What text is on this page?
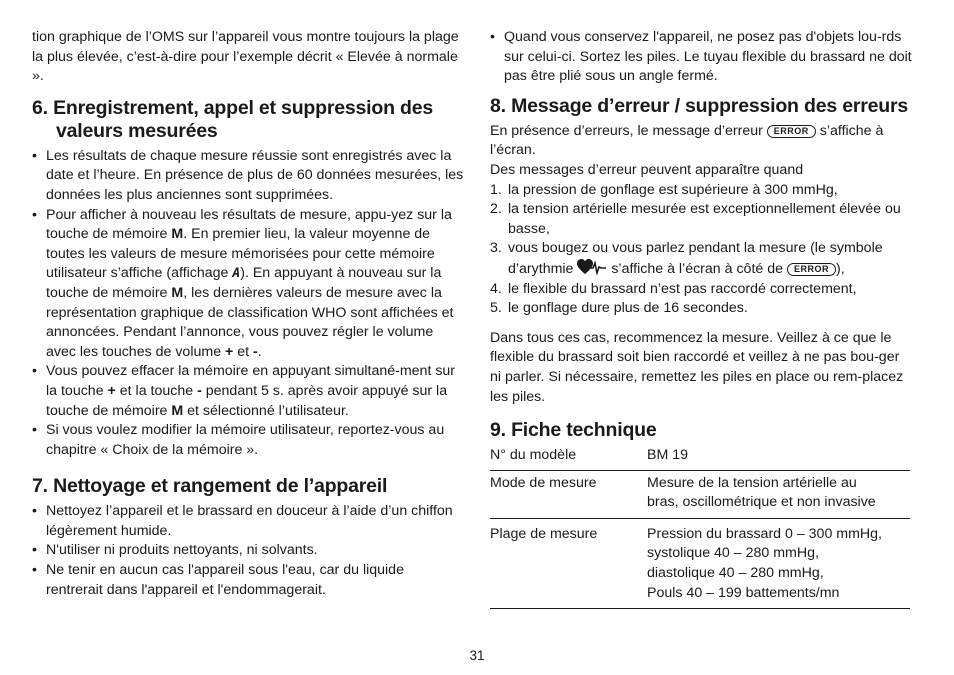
tion graphique de l’OMS sur l’appareil vous montre toujours la plage la plus élevée, c’est-à-dire pour l’exemple décrit « Elevée à normale ».

6. Enregistrement, appel et suppression des valeurs mesurées
• Les résultats de chaque mesure réussie sont enregistrés avec la date et l’heure. En présence de plus de 60 données mesurées, les données les plus anciennes sont supprimées.
• Pour afficher à nouveau les résultats de mesure, appu-yez sur la touche de mémoire M. En premier lieu, la valeur moyenne de toutes les valeurs de mesure mémorisées pour cette mémoire utilisateur s’affiche (affichage A). En appuyant à nouveau sur la touche de mémoire M, les dernières valeurs de mesure avec la représentation graphique de classification WHO sont affichées et annoncées. Pendant l’annonce, vous pouvez régler le volume avec les touches de volume + et -.
• Vous pouvez effacer la mémoire en appuyant simultané-ment sur la touche + et la touche - pendant 5 s. après avoir appuyé sur la touche de mémoire M et sélectionné l’utilisateur.
• Si vous voulez modifier la mémoire utilisateur, reportez-vous au chapitre « Choix de la mémoire ».
7. Nettoyage et rangement de l’appareil
• Nettoyez l’appareil et le brassard en douceur à l’aide d’un chiffon légèrement humide.
• N'utiliser ni produits nettoyants, ni solvants.
• Ne tenir en aucun cas l'appareil sous l'eau, car du liquide rentrerait dans l'appareil et l'endommagerait.
• Quand vous conservez l'appareil, ne posez pas d'objets lou-rds sur celui-ci. Sortez les piles. Le tuyau flexible du brassard ne doit pas être plié sous un angle fermé.
8. Message d’erreur / suppression des erreurs

En présence d’erreurs, le message d’erreur ERROR s’affiche à l’écran.

Des messages d’erreur peuvent apparaître quand

1. la pression de gonflage est supérieure à 300 mmHg,
2. la tension artérielle mesurée est exceptionnellement élevée ou basse,
3. vous bougez ou vous parlez pendant la mesure (le symbole d’arythmie  s’affiche à l’écran à côté de ERROR ),
4. le flexible du brassard n’est pas raccordé correctement,
5. le gonflage dure plus de 16 secondes.

Dans tous ces cas, recommencez la mesure. Veillez à ce que le flexible du brassard soit bien raccordé et veillez à ne pas bou-ger ni parler. Si nécessaire, remettez les piles en place ou rem-placez les piles.

9. Fiche technique
N° du modèle	BM 19
Mode de mesure	Mesure de la tension artérielle au
bras, oscillométrique et non invasive

Plage de mesure	Pression du brassard 0 – 300 mmHg,
systolique 40 – 280 mmHg,
diastolique 40 – 280 mmHg,
Pouls 40 – 199 battements/mn
31
